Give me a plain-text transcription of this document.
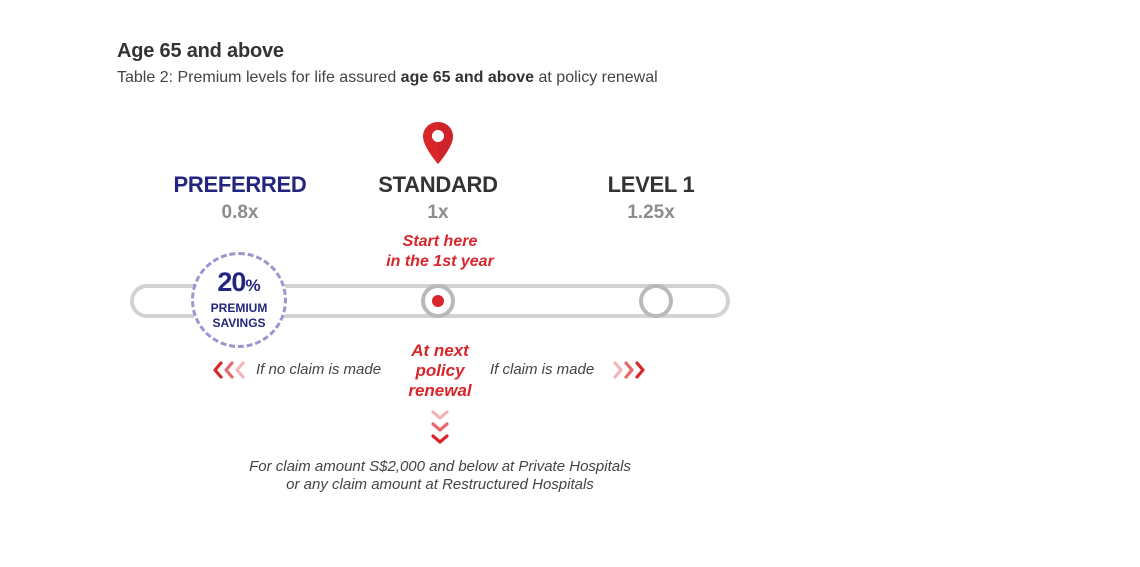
Age 65 and above
Table 2: Premium levels for life assured age 65 and above at policy renewal
PREFERRED
0.8x
STANDARD
1x
LEVEL 1
1.25x
Start here
in the 1st year
20%
PREMIUM
SAVINGS
If no claim is made
At next
policy
renewal
If claim is made
For claim amount S$2,000 and below at Private Hospitals
or any claim amount at Restructured Hospitals
